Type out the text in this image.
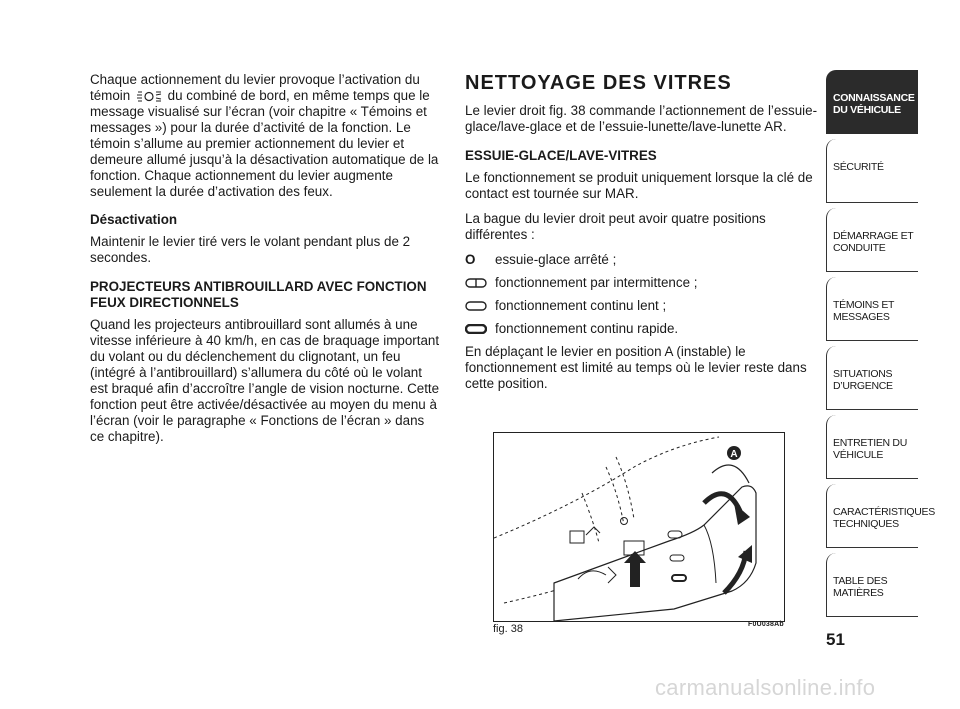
Chaque actionnement du levier provoque l’activation du témoin	du combiné de bord, en même temps que le message visualisé sur l’écran (voir chapitre « Témoins et messages ») pour la durée d’activité de la fonction. Le témoin s’allume au premier actionnement du levier et demeure allumé jusqu’à la désactivation automatique de la fonction. Chaque actionnement du levier augmente seulement la durée d’activation des feux.

Désactivation

Maintenir le levier tiré vers le volant pendant plus de 2 secondes.

PROJECTEURS ANTIBROUILLARD AVEC FONCTION FEUX DIRECTIONNELS

Quand les projecteurs antibrouillard sont allumés à une vitesse inférieure à 40 km/h, en cas de braquage important du volant ou du déclenchement du clignotant, un feu (intégré à l’antibrouillard) s’allumera du côté où le volant est braqué afin d’accroître l’angle de vision nocturne. Cette fonction peut être activée/désactivée au moyen du menu à l’écran (voir le paragraphe « Fonctions de l’écran » dans ce chapitre).

NETTOYAGE DES VITRES

Le levier droit fig. 38 commande l’actionnement de l’essuie-glace/lave-glace et de l’essuie-lunette/lave-lunette AR.

ESSUIE-GLACE/LAVE-VITRES

Le fonctionnement se produit uniquement lorsque la clé de contact est tournée sur MAR.

La bague du levier droit peut avoir quatre positions différentes :

O essuie-glace arrêté ;
fonctionnement par intermittence ;
fonctionnement continu lent ;
fonctionnement continu rapide.

En déplaçant le levier en position A (instable) le fonctionnement est limité au temps où le levier reste dans cette position.

A
fig. 38	F0U038Ab
CONNAISSANCE DU VÉHICULE
SÉCURITÉ
DÉMARRAGE ET CONDUITE
TÉMOINS ET MESSAGES
SITUATIONS D’URGENCE
ENTRETIEN DU VÉHICULE
CARACTÉRISTIQUES TECHNIQUES
TABLE DES MATIÈRES
51
carmanualsonline.info
